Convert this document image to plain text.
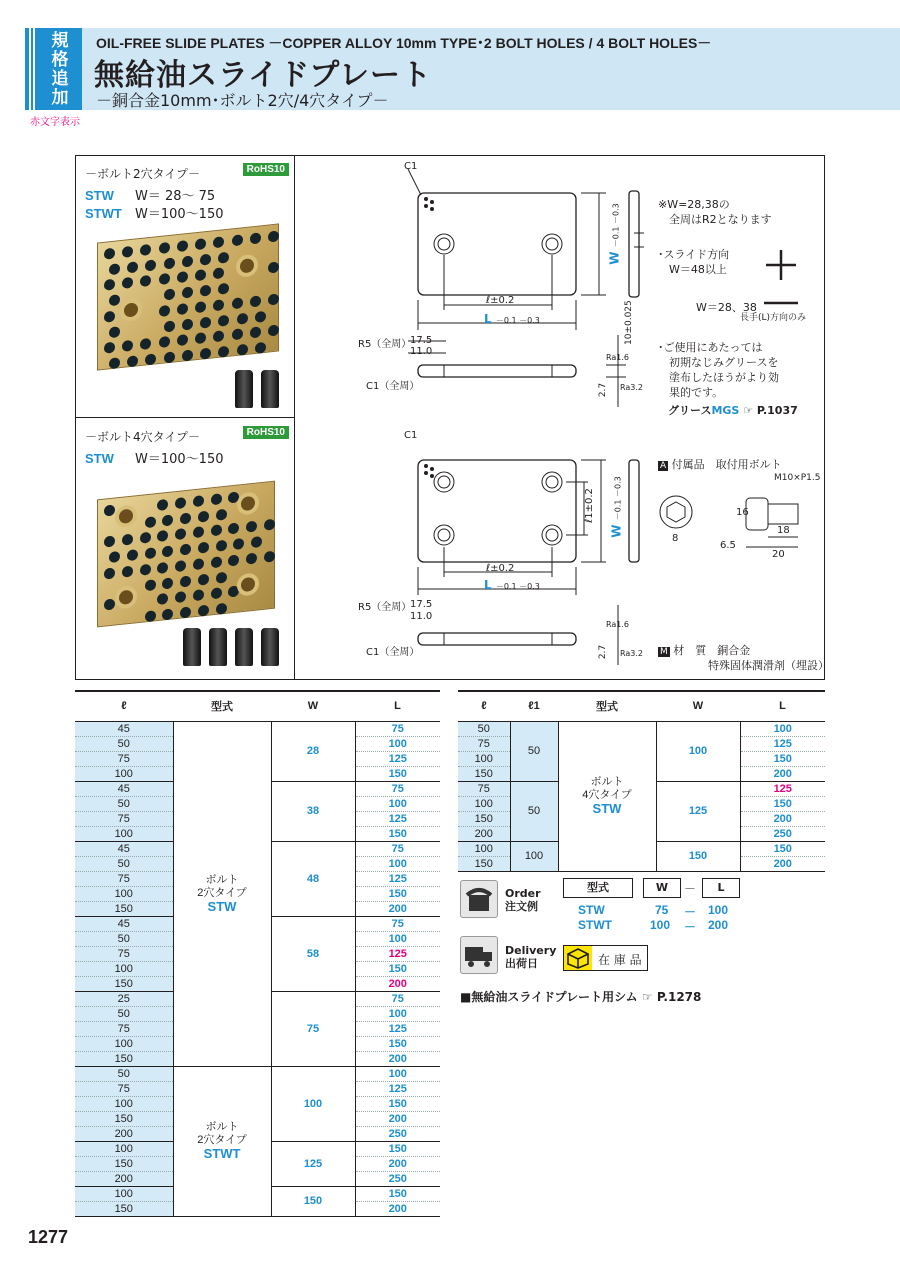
規
格
追
加
赤文字表示
OIL-FREE SLIDE PLATES －COPPER ALLOY 10mm TYPE･2 BOLT HOLES / 4 BOLT HOLES－
無給油スライドプレート
－銅合金10mm･ボルト2穴/4穴タイプ－
－ボルト2穴タイプ－	RoHS10
STW W＝ 28～ 75
STWT W＝100～150
－ボルト4穴タイプ－	RoHS10
STW W＝100～150
C1
ℓ±0.2
L －0.1 －0.3
W －0.1 －0.3
R5（全周）
17.5
11.0
C1（全周）
10±0.025
2.7
Ra1.6
Ra3.2
※W=28,38の
　全周はR2となります
･スライド方向
　W＝48以上
W＝28、38
長手(L)方向のみ
･ご使用にあたっては
　初期なじみグリースを
　塗布したほうがより効
　果的です。
グリースMGS ☞ P.1037
C1
ℓ±0.2
L －0.1 －0.3
ℓ1±0.2
W －0.1 －0.3
R5（全周）
17.5
11.0
C1（全周）	2.7 Ra3.2
Ra1.6
A 付属品　取付用ボルト
M10×P1.5
16
8
18
6.5
20
M 材　質　銅合金
特殊固体潤滑剤（埋設）
ℓ	型式	W	L
45	ボルト
2穴タイプ
STW	28	75
50			100
75			125
100			150
45		38	75
50			100
75			125
100			150
45		48	75
50			100
75			125
100			150
150			200
45		58	75
50			100
75			125
100			150
150			200
25		75	75
50			100
75			125
100			150
150			200
50	ボルト
2穴タイプ
STWT	100	100
75			125
100			150
150			200
200			250
100		125	150
150			200
200			250
100		150	150
150			200
ℓ	ℓ1	型式	W	L
50	50	ボルト
4穴タイプ
STW	100	100
75				125
100				150
150				200
75	50		125	125
100				150
150				200
200				250
100	100		150	150
150				200
Order
注文例
型式	W	－	L
STW	75 － 100
STWT	100 － 200
Delivery
出荷日	在 庫 品
■無給油スライドプレート用シム ☞ P.1278
1277
